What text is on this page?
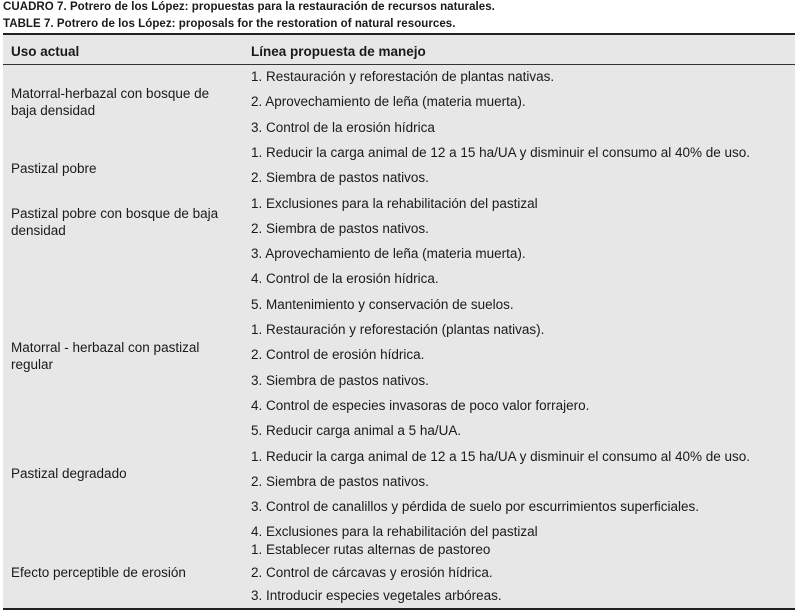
CUADRO 7. Potrero de los López: propuestas para la restauración de recursos naturales.
TABLE 7. Potrero de los López: proposals for the restoration of natural resources.
Uso actual	Línea propuesta de manejo
Matorral-herbazal con bosque de baja densidad
1. Restauración y reforestación de plantas nativas.
2. Aprovechamiento de leña (materia muerta).
3. Control de la erosión hídrica
Pastizal pobre
1. Reducir la carga animal de 12 a 15 ha/UA y disminuir el consumo al 40% de uso.
2. Siembra de pastos nativos.
Pastizal pobre con bosque de baja densidad
1. Exclusiones para la rehabilitación del pastizal
2. Siembra de pastos nativos.
3. Aprovechamiento de leña (materia muerta).
4. Control de la erosión hídrica.
5. Mantenimiento y conservación de suelos.
Matorral - herbazal con pastizal regular
1. Restauración y reforestación (plantas nativas).
2. Control de erosión hídrica.
3. Siembra de pastos nativos.
4. Control de especies invasoras de poco valor forrajero.
5. Reducir carga animal a 5 ha/UA.
Pastizal degradado
1. Reducir la carga animal de 12 a 15 ha/UA y disminuir el consumo al 40% de uso.
2. Siembra de pastos nativos.
3. Control de canalillos y pérdida de suelo por escurrimientos superficiales.
4. Exclusiones para la rehabilitación del pastizal
Efecto perceptible de erosión
1. Establecer rutas alternas de pastoreo
2. Control de cárcavas y erosión hídrica.
3. Introducir especies vegetales arbóreas.
